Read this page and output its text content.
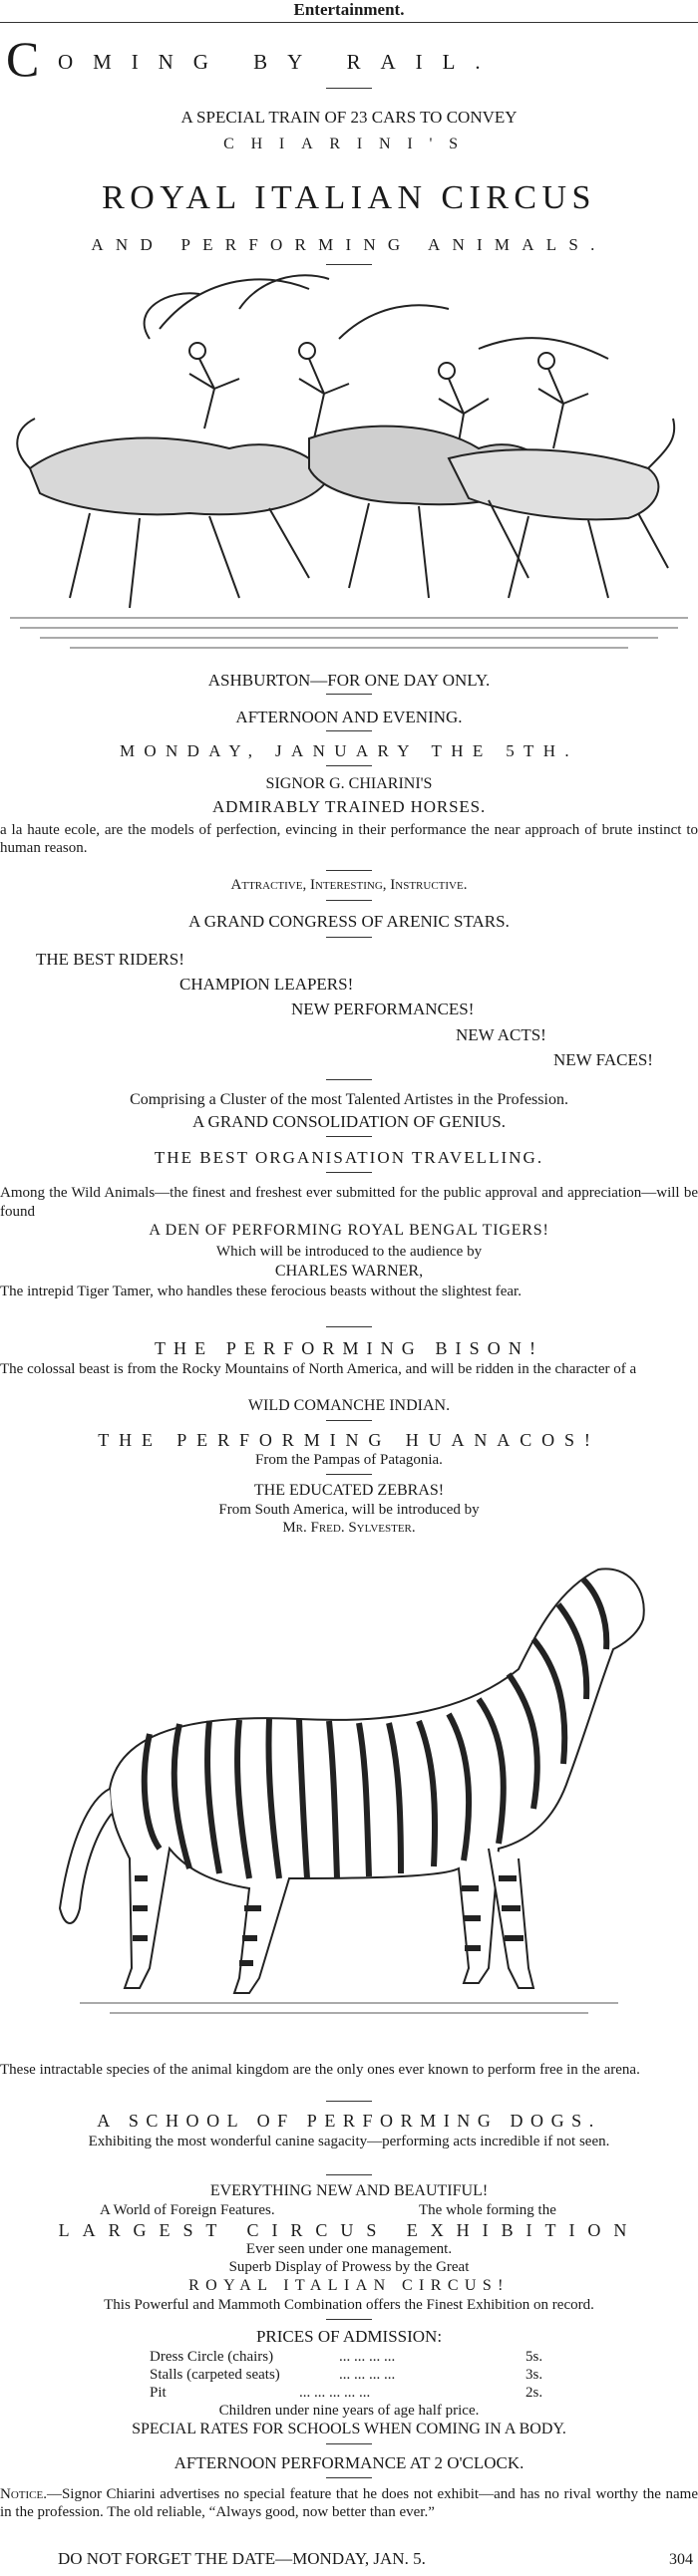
Entertainment.
C OMING BY RAIL.
A SPECIAL TRAIN OF 23 CARS TO CONVEY
CHIARINI'S
ROYAL ITALIAN CIRCUS
AND PERFORMING ANIMALS.
ASHBURTON—FOR ONE DAY ONLY.
AFTERNOON AND EVENING.
MONDAY, JANUARY THE 5TH.
SIGNOR G. CHIARINI'S
ADMIRABLY TRAINED HORSES.
a la haute ecole, are the models of perfection, evincing in their performance the near approach of brute instinct to human reason.
Attractive, Interesting, Instructive.
A GRAND CONGRESS OF ARENIC STARS.
THE BEST RIDERS!
CHAMPION LEAPERS!
NEW PERFORMANCES!
NEW ACTS!
NEW FACES!
Comprising a Cluster of the most Talented Artistes in the Profession.
A GRAND CONSOLIDATION OF GENIUS.
THE BEST ORGANISATION TRAVELLING.
Among the Wild Animals—the finest and freshest ever submitted for the public approval and appreciation—will be found
A DEN OF PERFORMING ROYAL BENGAL TIGERS!
Which will be introduced to the audience by
CHARLES WARNER,
The intrepid Tiger Tamer, who handles these ferocious beasts without the slightest fear.
THE PERFORMING BISON!
The colossal beast is from the Rocky Mountains of North America, and will be ridden in the character of a
WILD COMANCHE INDIAN.
THE PERFORMING HUANACOS!
From the Pampas of Patagonia.
THE EDUCATED ZEBRAS!
From South America, will be introduced by
Mr. Fred. Sylvester.
These intractable species of the animal kingdom are the only ones ever known to perform free in the arena.
A SCHOOL OF PERFORMING DOGS.
Exhibiting the most wonderful canine sagacity—performing acts incredible if not seen.
EVERYTHING NEW AND BEAUTIFUL!
A World of Foreign Features.	The whole forming the
LARGEST CIRCUS EXHIBITION
Ever seen under one management.
Superb Display of Prowess by the Great
ROYAL ITALIAN CIRCUS!
This Powerful and Mammoth Combination offers the Finest Exhibition on record.
PRICES OF ADMISSION:
Dress Circle (chairs)	... ... ... ...	5s.
Stalls (carpeted seats)	... ... ... ...	3s.
Pit	... ... ... ... ...	2s.
Children under nine years of age half price.
SPECIAL RATES FOR SCHOOLS WHEN COMING IN A BODY.
AFTERNOON PERFORMANCE AT 2 O'CLOCK.
Notice.—Signor Chiarini advertises no special feature that he does not exhibit—and has no rival worthy the name in the profession. The old reliable, “Always good, now better than ever.”
DO NOT FORGET THE DATE—MONDAY, JAN. 5.	304
